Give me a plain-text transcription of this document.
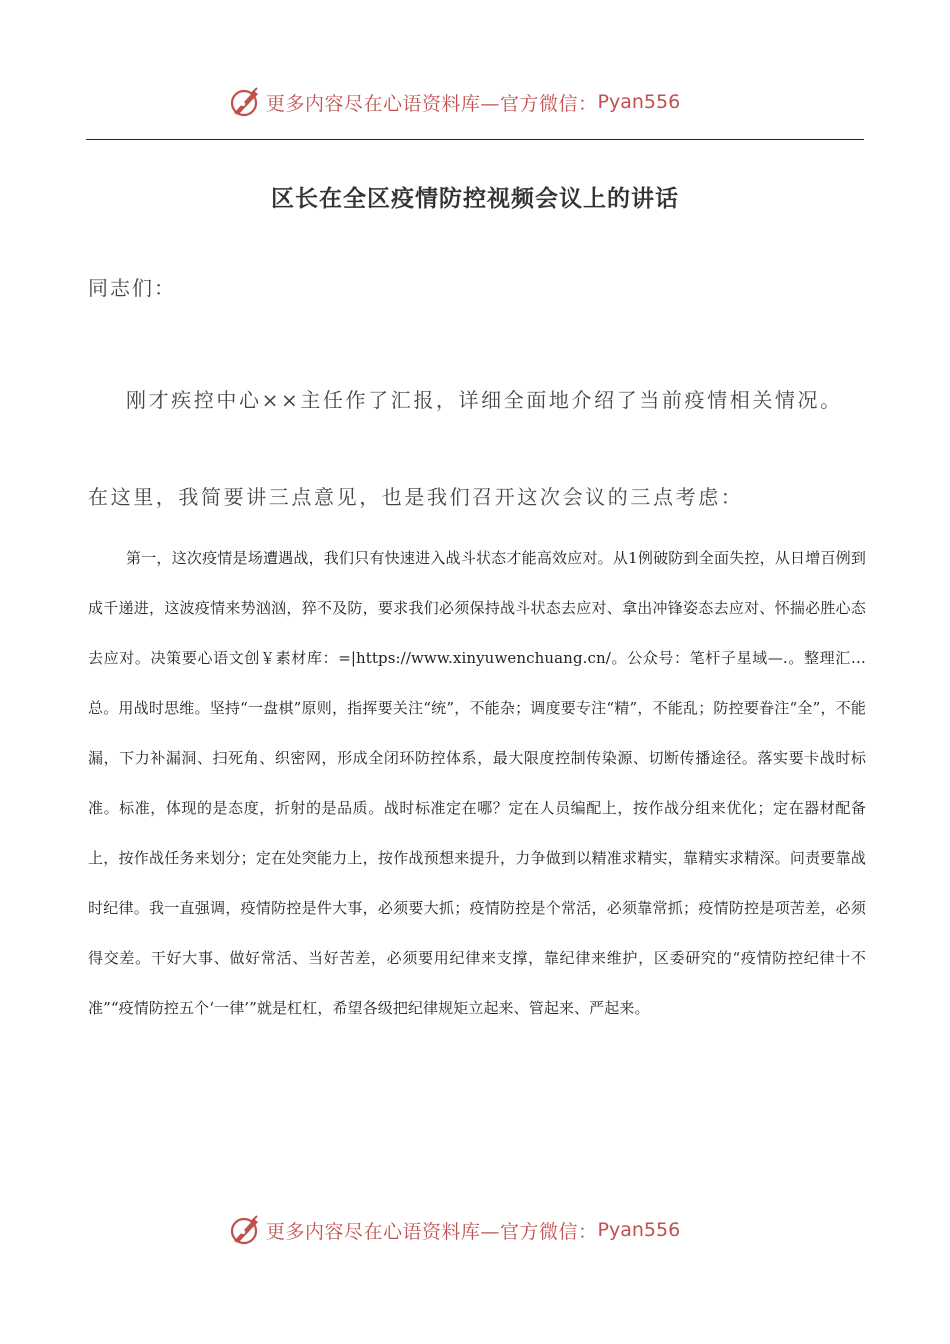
更多内容尽在心语资料库—官方微信： Pyan556
区长在全区疫情防控视频会议上的讲话
同志们：

刚才疾控中心××主任作了汇报，详细全面地介绍了当前疫情相关情况。在这里，我简要讲三点意见，也是我们召开这次会议的三点考虑：

第一，这次疫情是场遭遇战，我们只有快速进入战斗状态才能高效应对。从1例破防到全面失控，从日增百例到成千递进，这波疫情来势汹汹，猝不及防，要求我们必须保持战斗状态去应对、拿出冲锋姿态去应对、怀揣必胜心态去应对。决策要心语文创￥素材库：=|https://www.xinyuwenchuang.cn/。公众号：笔杆子星域—.。整理汇…总。用战时思维。坚持“一盘棋”原则，指挥要关注“统”，不能杂；调度要专注“精”，不能乱；防控要眷注“全”，不能漏，下力补漏洞、扫死角、织密网，形成全闭环防控体系，最大限度控制传染源、切断传播途径。落实要卡战时标准。标准，体现的是态度，折射的是品质。战时标准定在哪？定在人员编配上，按作战分组来优化；定在器材配备上，按作战任务来划分；定在处突能力上，按作战预想来提升，力争做到以精准求精实，靠精实求精深。问责要靠战时纪律。我一直强调，疫情防控是件大事，必须要大抓；疫情防控是个常活，必须靠常抓；疫情防控是项苦差，必须得交差。干好大事、做好常活、当好苦差，必须要用纪律来支撑，靠纪律来维护，区委研究的“疫情防控纪律十不准”“疫情防控五个‘一律’”就是杠杠，希望各级把纪律规矩立起来、管起来、严起来。

更多内容尽在心语资料库—官方微信： Pyan556
